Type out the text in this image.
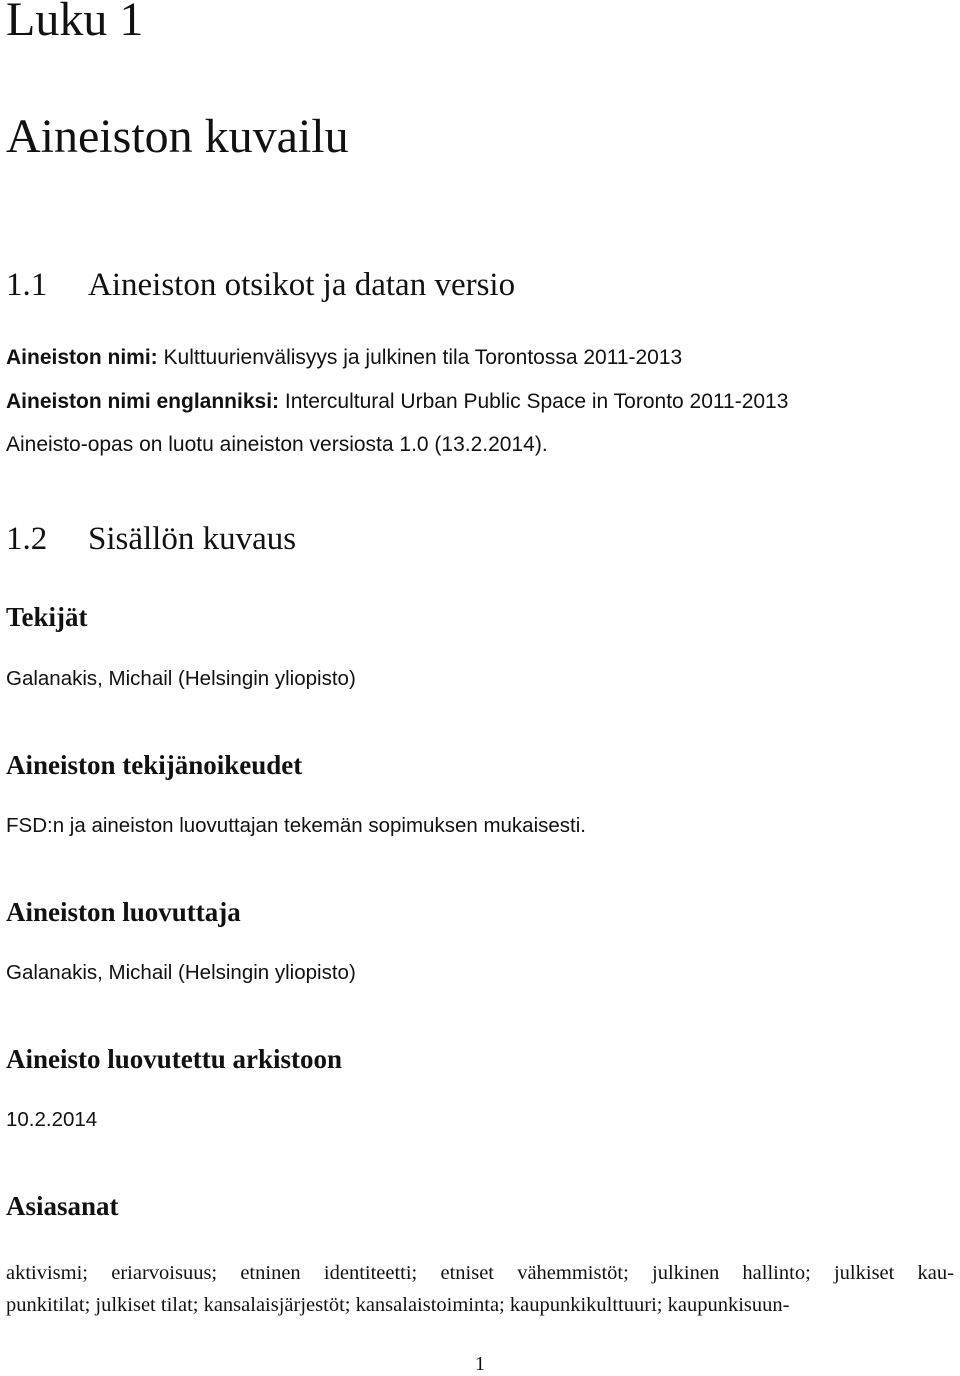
Luku 1
Aineiston kuvailu
1.1 Aineiston otsikot ja datan versio
Aineiston nimi: Kulttuurienvälisyys ja julkinen tila Torontossa 2011-2013
Aineiston nimi englanniksi: Intercultural Urban Public Space in Toronto 2011-2013
Aineisto-opas on luotu aineiston versiosta 1.0 (13.2.2014).
1.2 Sisällön kuvaus
Tekijät
Galanakis, Michail (Helsingin yliopisto)
Aineiston tekijänoikeudet
FSD:n ja aineiston luovuttajan tekemän sopimuksen mukaisesti.
Aineiston luovuttaja
Galanakis, Michail (Helsingin yliopisto)
Aineisto luovutettu arkistoon
10.2.2014
Asiasanat
aktivismi; eriarvoisuus; etninen identiteetti; etniset vähemmistöt; julkinen hallinto; julkiset kau-
punkitilat; julkiset tilat; kansalaisjärjestöt; kansalaistoiminta; kaupunkikulttuuri; kaupunkisuun-
1
